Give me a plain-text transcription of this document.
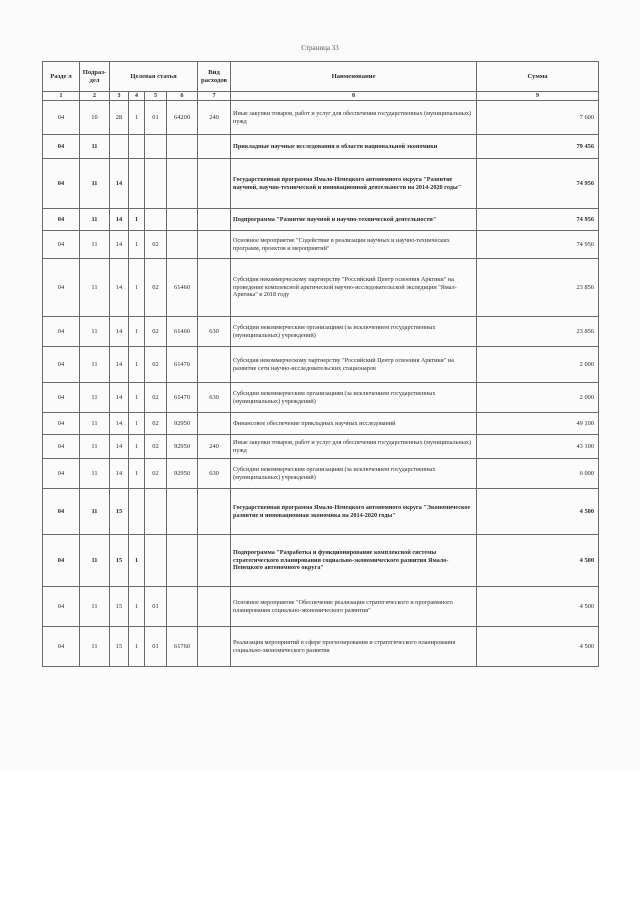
Страница 33
Разде л	Подраз- дел	Целевая статья				Вид расходов	Наименование	Сумма
1	2	3	4	5	6	7	8	9
04	10	28	1	01	64200	240	Иные закупки товаров, работ и услуг для обеспечения государственных (муниципальных) нужд	7 600
04	11						Прикладные научные исследования в области национальной экономики	79 456
04	11	14					Государственная программа Ямало-Ненецкого автономного округа "Развитие научной, научно-технической и инновационной деятельности на 2014-2020 годы"	74 956
04	11	14	1				Подпрограмма "Развитие научной и научно-технической деятельности"	74 956
04	11	14	1	02			Основное мероприятие "Содействие в реализации научных и научно-технических программ, проектов и мероприятий"	74 956
04	11	14	1	02	61460		Субсидия некоммерческому партнерству "Российский Центр освоения Арктики" на проведение комплексной арктической научно-исследовательской экспедиции "Ямал-Арктика" в 2018 году	23 856
04	11	14	1	02	61460	630	Субсидии некоммерческим организациям (за исключением государственных (муниципальных) учреждений)	23 856
04	11	14	1	02	61470		Субсидия некоммерческому партнерству "Российский Центр освоения Арктики" на развитие сети научно-исследовательских стационаров	2 000
04	11	14	1	02	61470	630	Субсидии некоммерческим организациям (за исключением государственных (муниципальных) учреждений)	2 000
04	11	14	1	02	92950		Финансовое обеспечение прикладных научных исследований	49 100
04	11	14	1	02	92950	240	Иные закупки товаров, работ и услуг для обеспечения государственных (муниципальных) нужд	43 100
04	11	14	1	02	92950	630	Субсидии некоммерческим организациям (за исключением государственных (муниципальных) учреждений)	6 000
04	11	15					Государственная программа Ямало-Ненецкого автономного округа "Экономическое развитие и инновационная экономика на 2014-2020 годы"	4 500
04	11	15	1				Подпрограмма "Разработка и функционирование комплексной системы стратегического планирования социально-экономического развития Ямало-Ненецкого автономного округа"	4 500
04	11	15	1	01			Основное мероприятие "Обеспечение реализации стратегического и программного планирования социально-экономического развития"	4 500
04	11	15	1	01	61760		Реализация мероприятий в сфере прогнозирования и стратегического планирования социально-экономического развития	4 500
